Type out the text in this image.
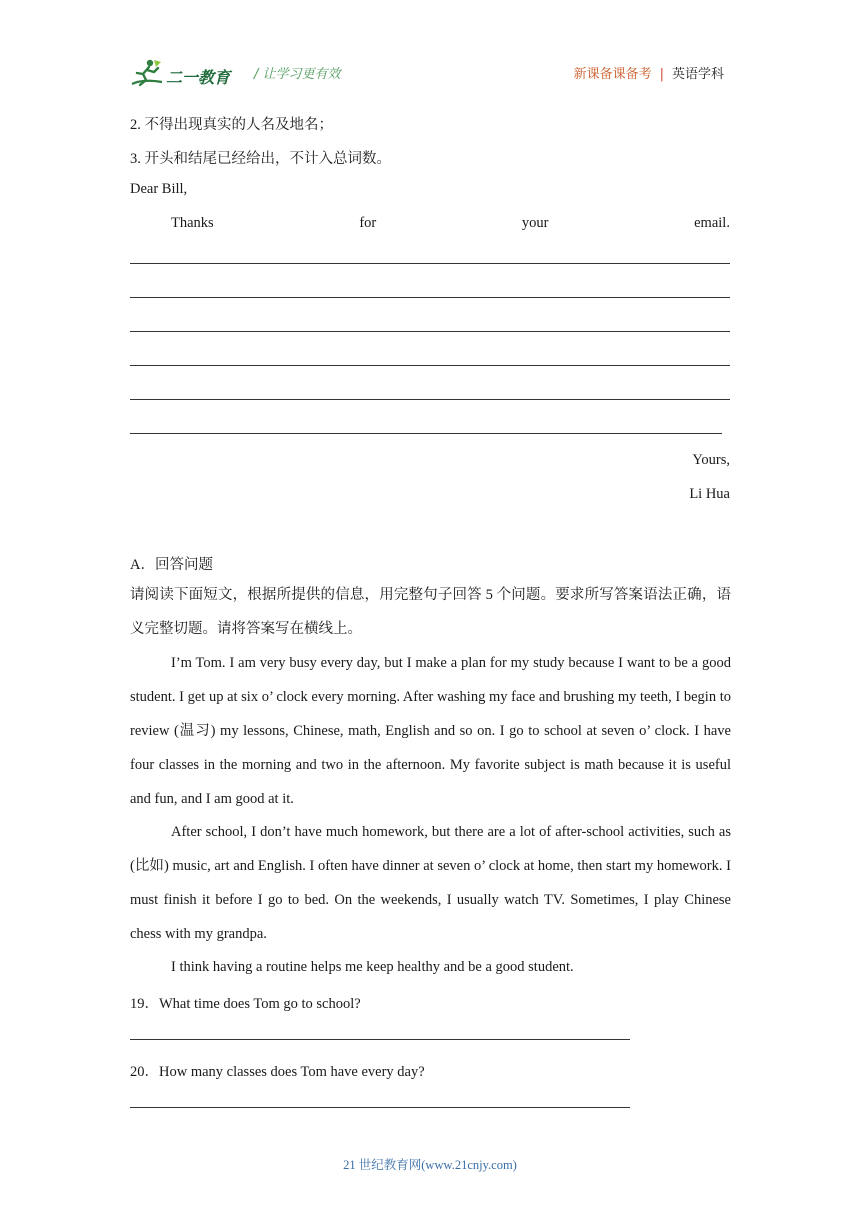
二一教育 / 让学习更有效	新课备课备考 | 英语学科
2. 不得出现真实的人名及地名；
3. 开头和结尾已经给出，不计入总词数。
Dear Bill,
Thanks	for	your	email.
Yours,
Li Hua
A．回答问题
请阅读下面短文，根据所提供的信息，用完整句子回答 5 个问题。要求所写答案语法正确，语义完整切题。请将答案写在横线上。
I’m Tom. I am very busy every day, but I make a plan for my study because I want to be a good student. I get up at six o’ clock every morning. After washing my face and brushing my teeth, I begin to review (温习) my lessons, Chinese, math, English and so on. I go to school at seven o’ clock. I have four classes in the morning and two in the afternoon. My favorite subject is math because it is useful and fun, and I am good at it.
After school, I don’t have much homework, but there are a lot of after-school activities, such as (比如) music, art and English. I often have dinner at seven o’ clock at home, then start my homework. I must finish it before I go to bed. On the weekends, I usually watch TV. Sometimes, I play Chinese chess with my grandpa.
I think having a routine helps me keep healthy and be a good student.
19．What time does Tom go to school?
20．How many classes does Tom have every day?
21 世纪教育网(www.21cnjy.com)
